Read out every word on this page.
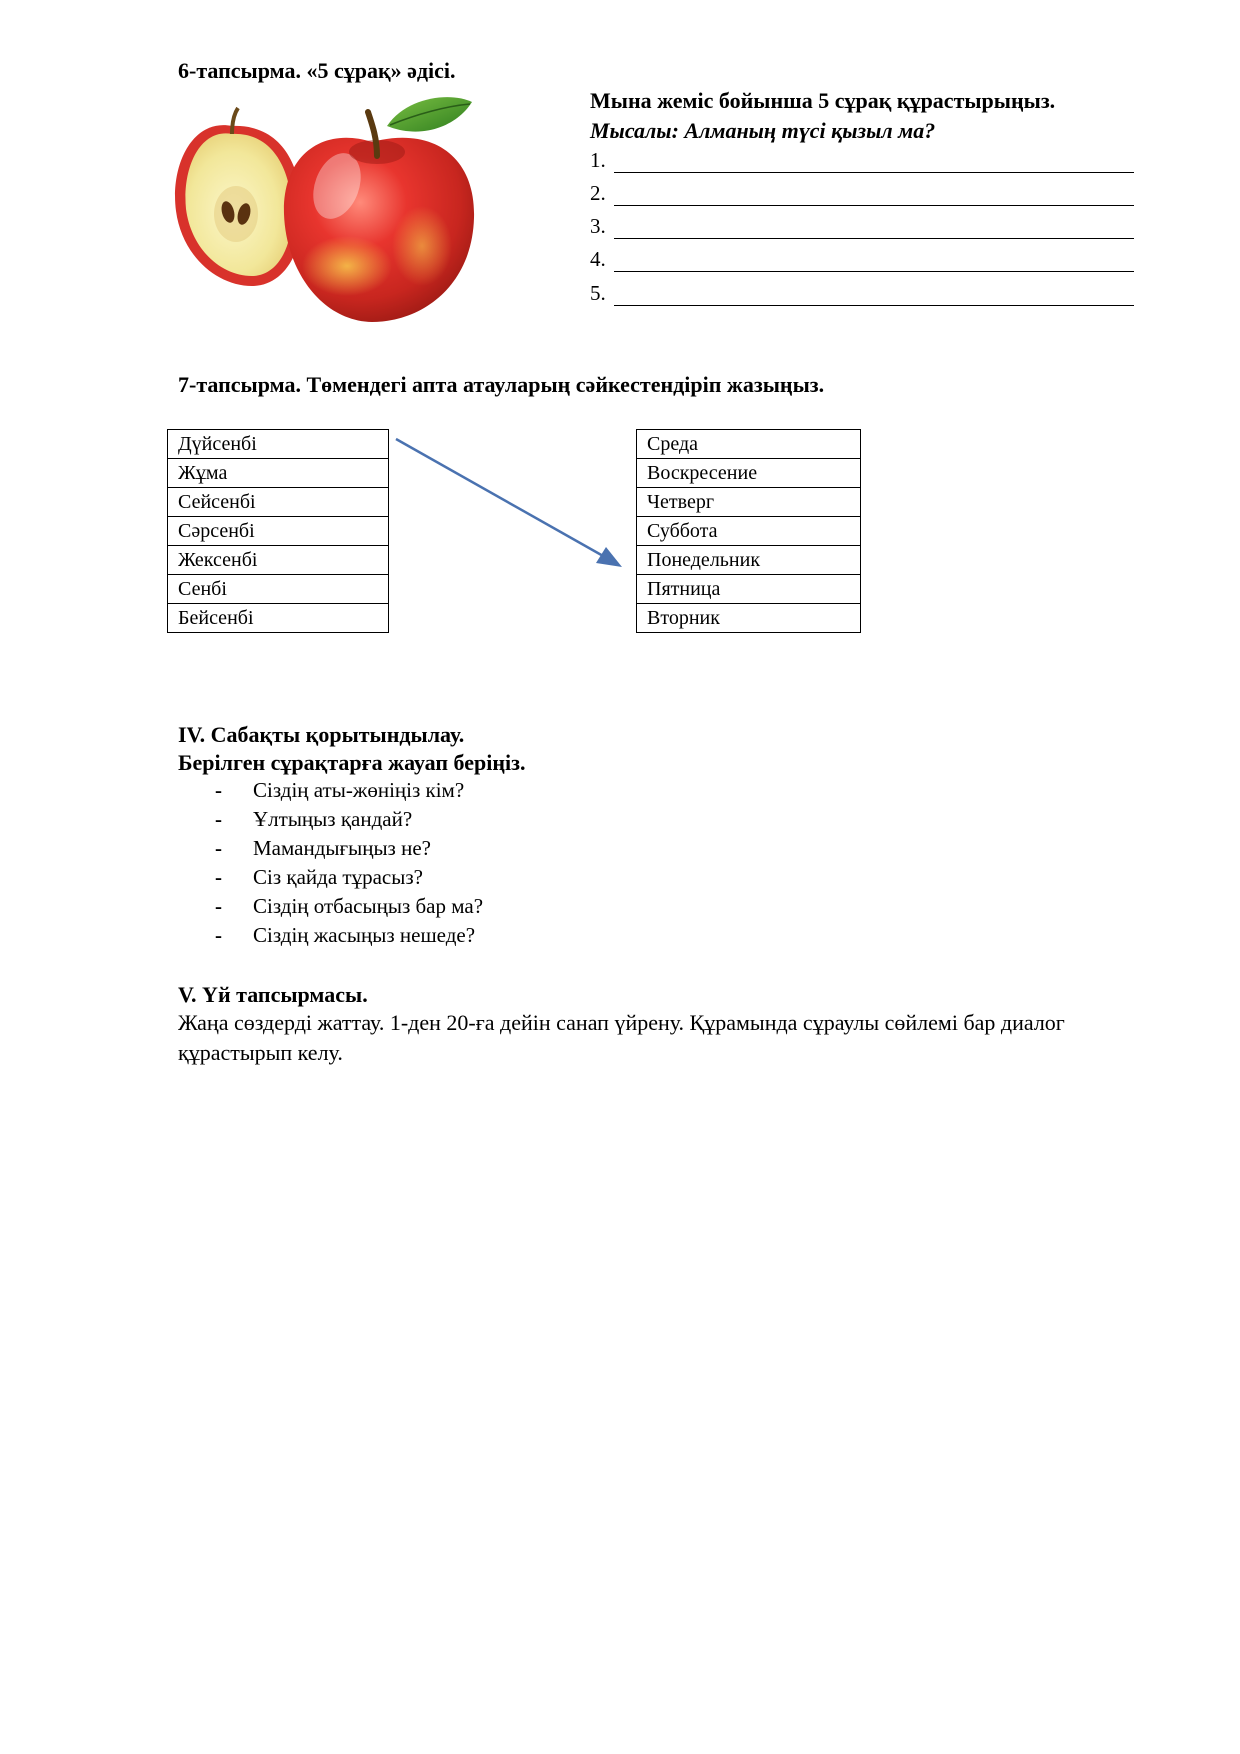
6-тапсырма. «5 сұрақ» әдісі.
Мына жеміс бойынша 5 сұрақ құрастырыңыз.
Мысалы: Алманың түсі қызыл ма?
1.
2.
3.
4.
5.
7-тапсырма. Төмендегі апта атауларың сәйкестендіріп жазыңыз.
Дүйсенбі
Жұма
Сейсенбі
Сәрсенбі
Жексенбі
Сенбі
Бейсенбі
Среда
Воскресение
Четверг
Суббота
Понедельник
Пятница
Вторник
IV. Сабақты қорытындылау.
Берілген сұрақтарға жауап беріңіз.
- Сіздің аты-жөніңіз кім?
- Ұлтыңыз қандай?
- Мамандығыңыз не?
- Сіз қайда тұрасыз?
- Сіздің отбасыңыз бар ма?
- Сіздің жасыңыз нешеде?
V. Үй тапсырмасы.
Жаңа сөздерді жаттау. 1-ден 20-ға дейін санап үйрену. Құрамында сұраулы сөйлемі бар диалог құрастырып келу.
